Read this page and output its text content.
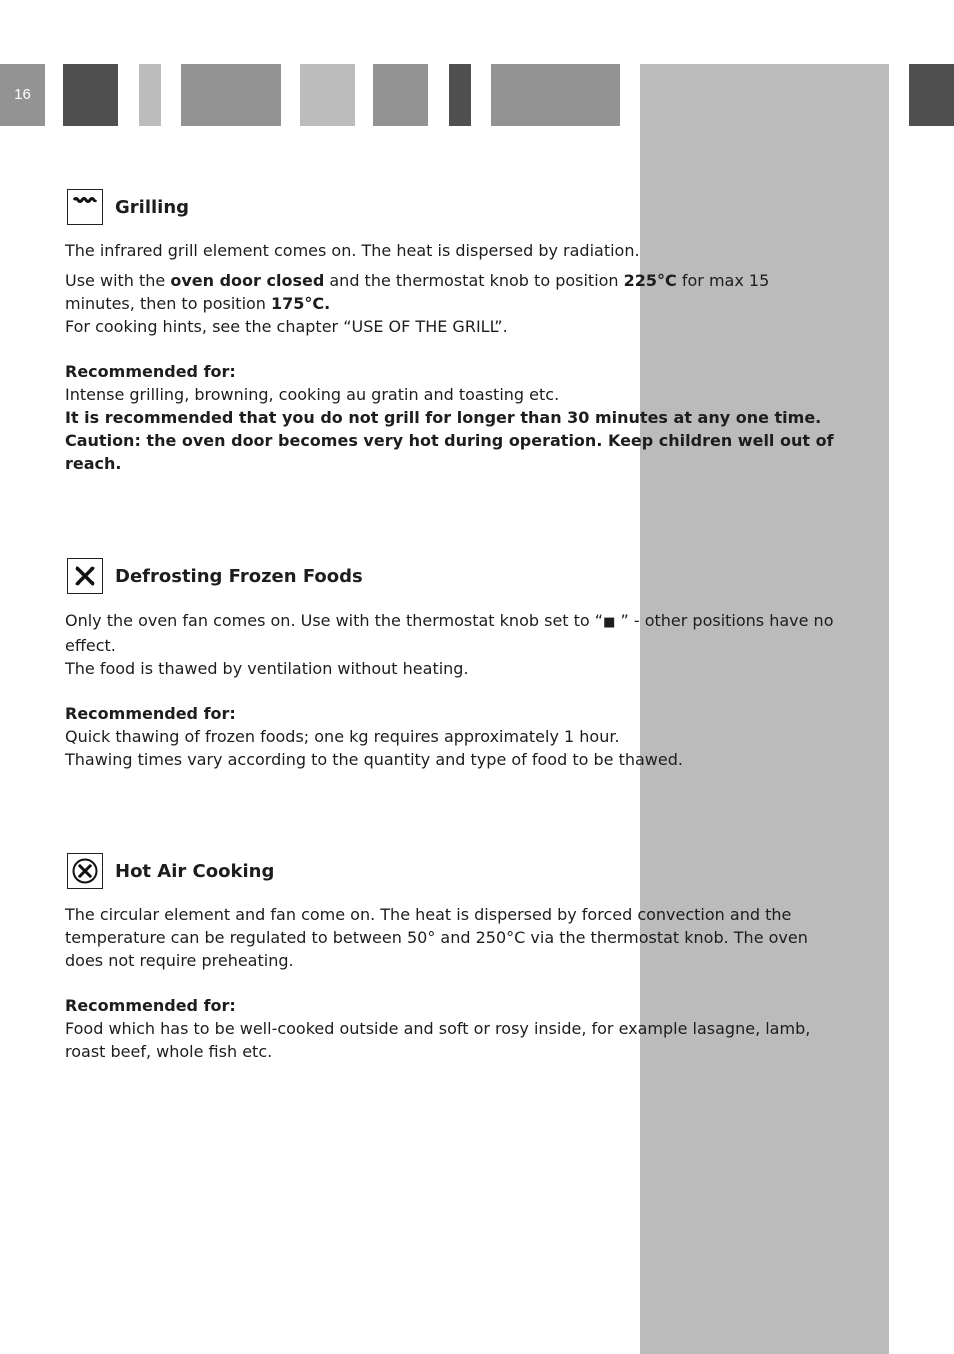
16
Grilling

The infrared grill element comes on. The heat is dispersed by radiation.

Use with the oven door closed and the thermostat knob to position 225°C for max 15 minutes, then to position 175°C.

For cooking hints, see the chapter “USE OF THE GRILL”.

Recommended for:

Intense grilling, browning, cooking au gratin and toasting etc.

It is recommended that you do not grill for longer than 30 minutes at any one time.

Caution: the oven door becomes very hot during operation. Keep children well out of reach.

Defrosting Frozen Foods

Only the oven fan comes on. Use with the thermostat knob set to “■ ” - other positions have no effect.

The food is thawed by ventilation without heating.

Recommended for:

Quick thawing of frozen foods; one kg requires approximately 1 hour.

Thawing times vary according to the quantity and type of food to be thawed.

Hot Air Cooking

The circular element and fan come on. The heat is dispersed by forced convection and the temperature can be regulated to between 50° and 250°C via the thermostat knob. The oven does not require preheating.

Recommended for:

Food which has to be well-cooked outside and soft or rosy inside, for example lasagne, lamb, roast beef, whole fish etc.
